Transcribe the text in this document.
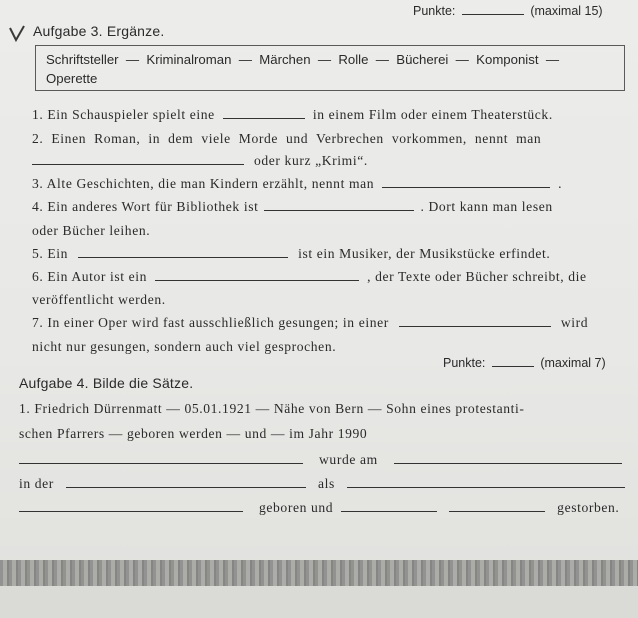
Punkte:	(maximal 15)
Aufgabe 3. Ergänze.
Schriftsteller  —  Kriminalroman  —  Märchen  —  Rolle  —  Bücherei  —  Komponist  —
Operette
1. Ein Schauspieler spielt eine	in einem Film oder einem Theaterstück.
2. Einen Roman, in dem viele Morde und Verbrechen vorkommen, nennt man
oder kurz „Krimi“.
3. Alte Geschichten, die man Kindern erzählt, nennt man	.
4. Ein anderes Wort für Bibliothek ist	. Dort kann man lesen
oder Bücher leihen.
5. Ein	ist ein Musiker, der Musikstücke erfindet.
6. Ein Autor ist ein	, der Texte oder Bücher schreibt, die
veröffentlicht werden.
7. In einer Oper wird fast ausschließlich gesungen; in einer	wird
nicht nur gesungen, sondern auch viel gesprochen.
Punkte:	(maximal 7)
Aufgabe 4. Bilde die Sätze.
1. Friedrich Dürrenmatt — 05.01.1921 — Nähe von Bern — Sohn eines protestanti-
schen Pfarrers — geboren werden — und — im Jahr 1990
wurde am
in der	als
geboren und	gestorben.
